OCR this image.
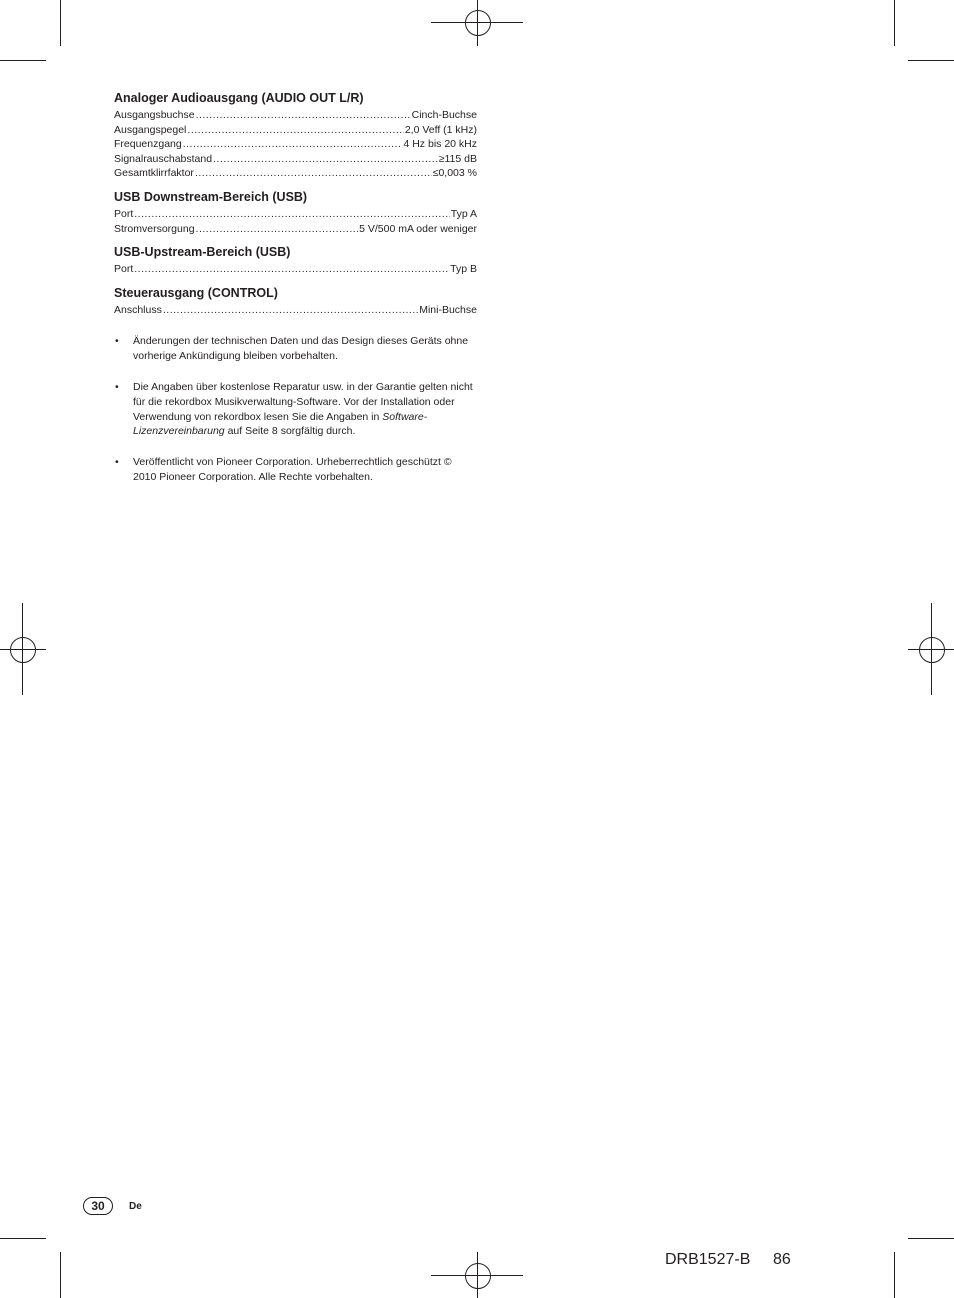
Analoger Audioausgang (AUDIO OUT L/R)
Ausgangsbuchse .....	Cinch-Buchse
Ausgangspegel .....	2,0 Veff (1 kHz)
Frequenzgang .....	4 Hz bis 20 kHz
Signalrauschabstand .....	≥115 dB
Gesamtklirrfaktor .....	≤0,003 %
USB Downstream-Bereich (USB)
Port .....	Typ A
Stromversorgung .....	5 V/500 mA oder weniger
USB-Upstream-Bereich (USB)
Port .....	Typ B
Steuerausgang (CONTROL)
Anschluss .....	Mini-Buchse
• Änderungen der technischen Daten und das Design dieses Geräts ohne vorherige Ankündigung bleiben vorbehalten.
• Die Angaben über kostenlose Reparatur usw. in der Garantie gelten nicht für die rekordbox Musikverwaltung-Software. Vor der Installation oder Verwendung von rekordbox lesen Sie die Angaben in Software-Lizenzvereinbarung auf Seite 8 sorgfältig durch.
• Veröffentlicht von Pioneer Corporation. Urheberrechtlich geschützt © 2010 Pioneer Corporation. Alle Rechte vorbehalten.
30	De
DRB1527-B 86
